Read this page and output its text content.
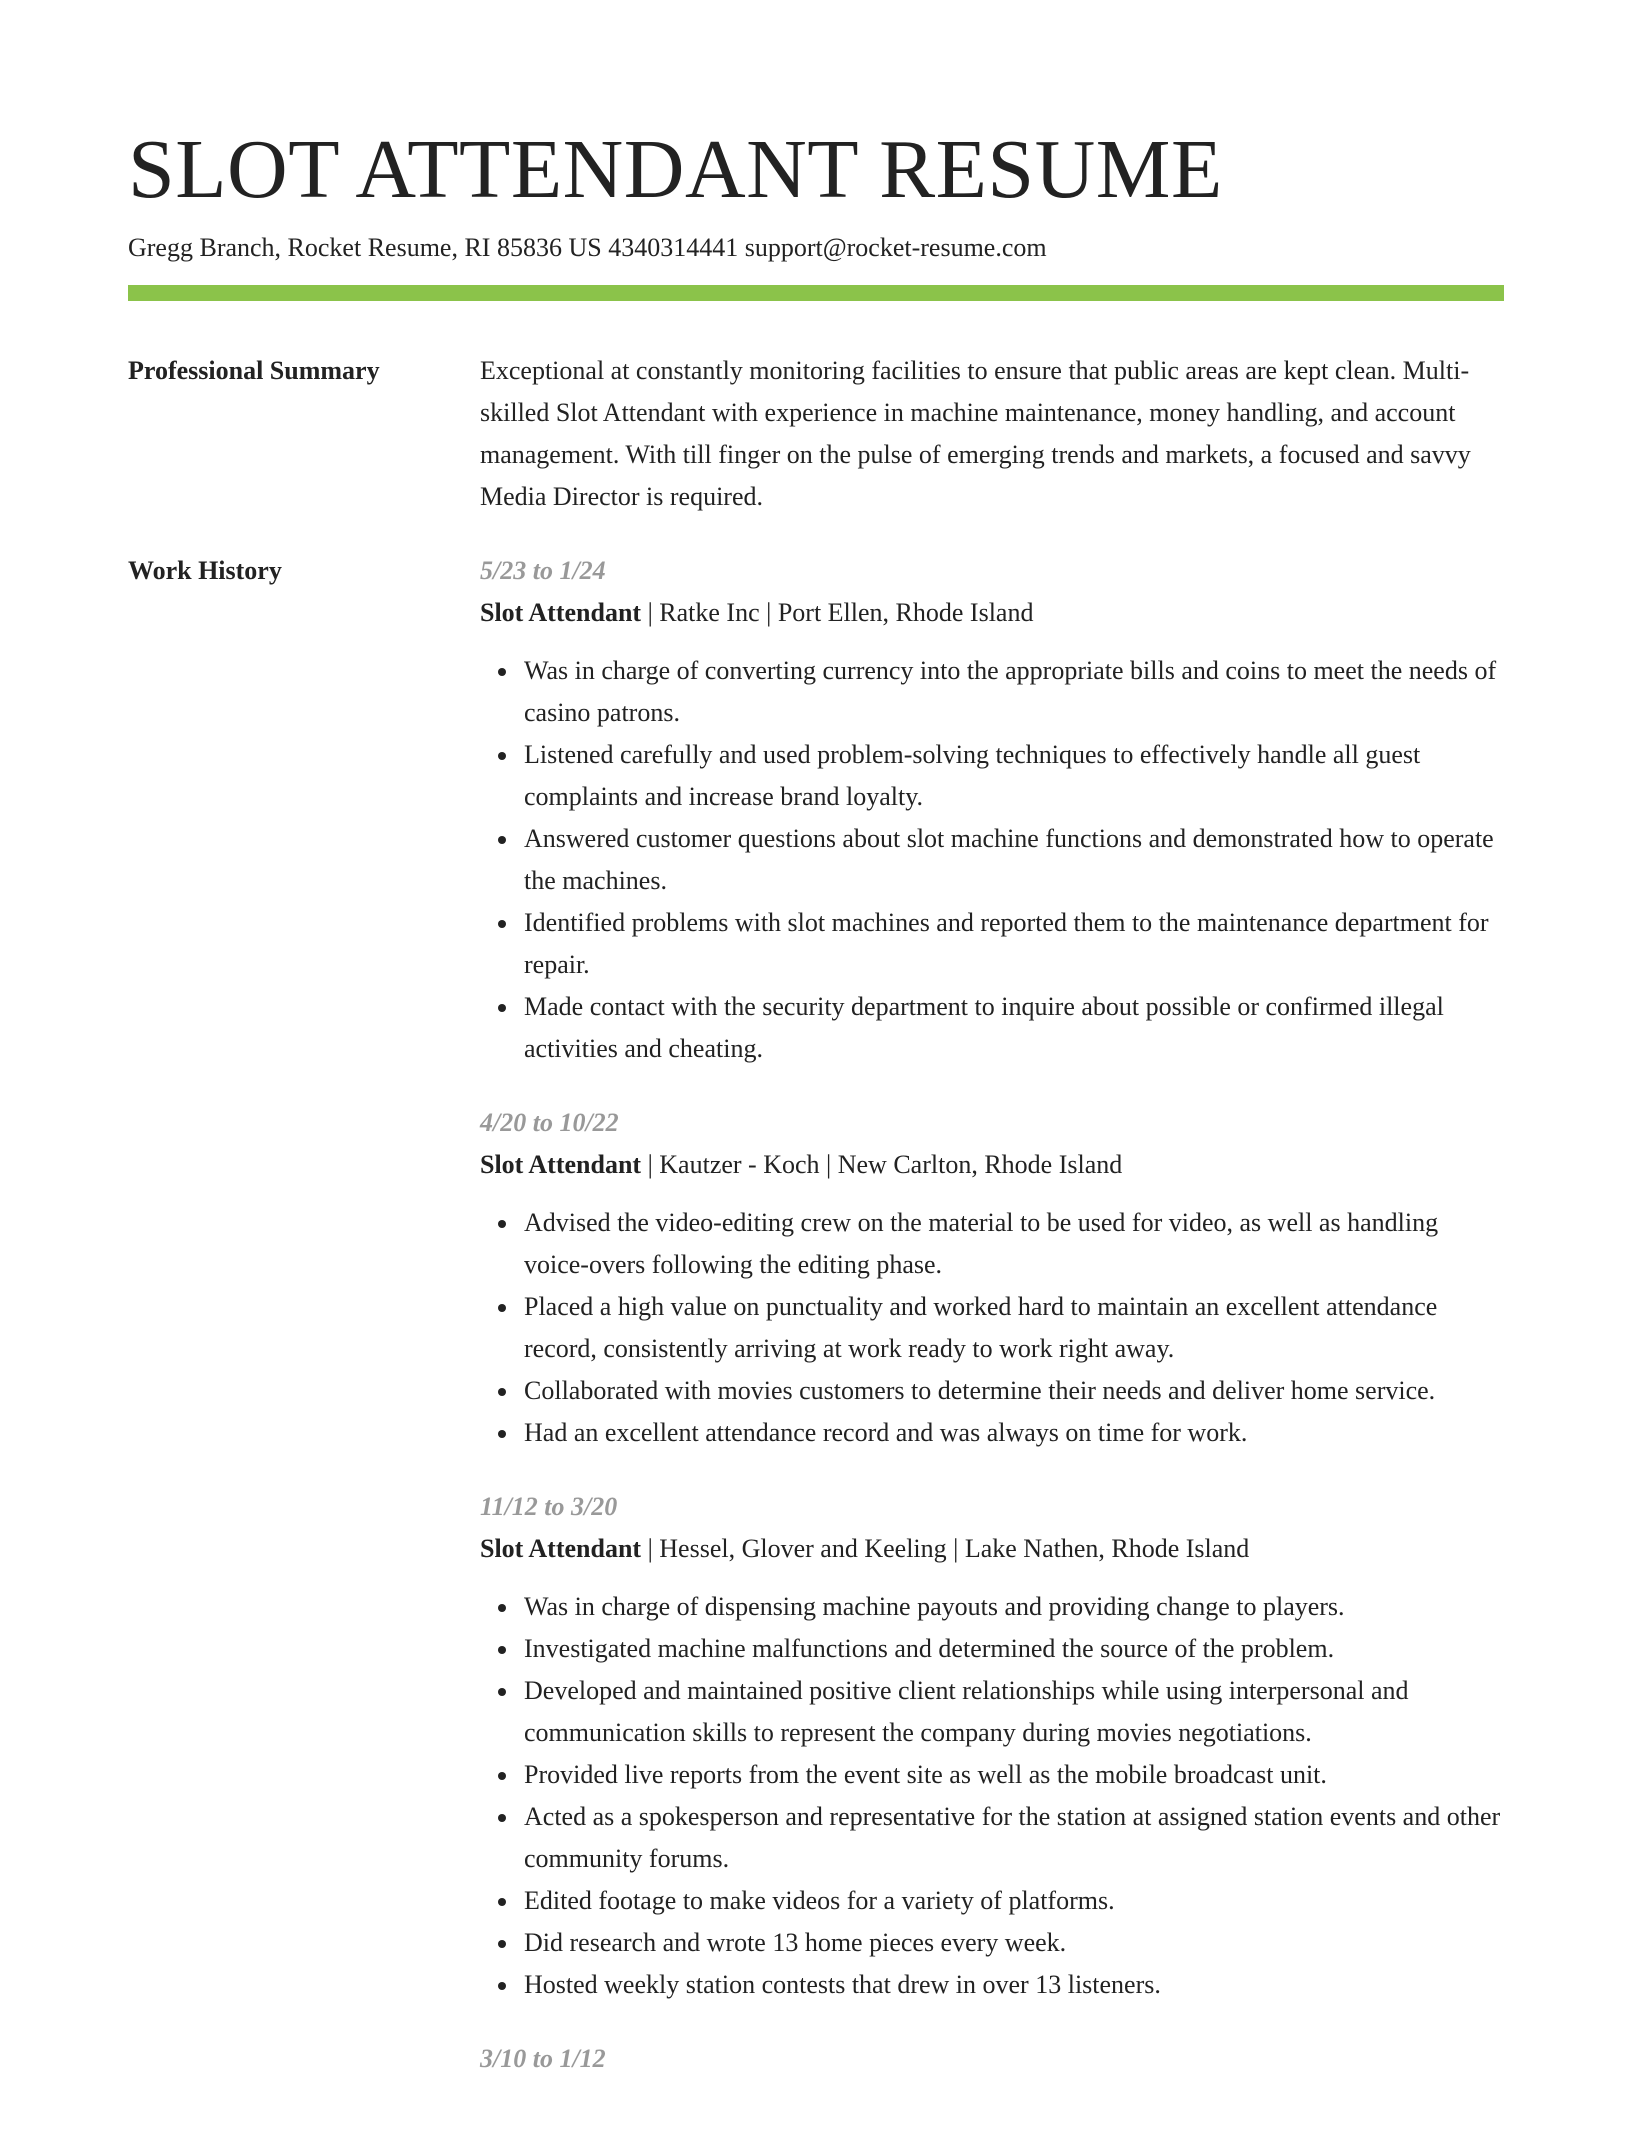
SLOT ATTENDANT RESUME
Gregg Branch, Rocket Resume, RI 85836 US 4340314441 support@rocket-resume.com
Professional Summary	Exceptional at constantly monitoring facilities to ensure that public areas are kept clean. Multi-skilled Slot Attendant with experience in machine maintenance, money handling, and account management. With till finger on the pulse of emerging trends and markets, a focused and savvy Media Director is required.

Work History	5/23 to 1/24
Slot Attendant | Ratke Inc | Port Ellen, Rhode Island
Was in charge of converting currency into the appropriate bills and coins to meet the needs of casino patrons.
Listened carefully and used problem-solving techniques to effectively handle all guest complaints and increase brand loyalty.
Answered customer questions about slot machine functions and demonstrated how to operate the machines.
Identified problems with slot machines and reported them to the maintenance department for repair.
Made contact with the security department to inquire about possible or confirmed illegal activities and cheating.
4/20 to 10/22
Slot Attendant | Kautzer - Koch | New Carlton, Rhode Island
Advised the video-editing crew on the material to be used for video, as well as handling voice-overs following the editing phase.
Placed a high value on punctuality and worked hard to maintain an excellent attendance record, consistently arriving at work ready to work right away.
Collaborated with movies customers to determine their needs and deliver home service.
Had an excellent attendance record and was always on time for work.
11/12 to 3/20
Slot Attendant | Hessel, Glover and Keeling | Lake Nathen, Rhode Island
Was in charge of dispensing machine payouts and providing change to players.
Investigated machine malfunctions and determined the source of the problem.
Developed and maintained positive client relationships while using interpersonal and communication skills to represent the company during movies negotiations.
Provided live reports from the event site as well as the mobile broadcast unit.
Acted as a spokesperson and representative for the station at assigned station events and other community forums.
Edited footage to make videos for a variety of platforms.
Did research and wrote 13 home pieces every week.
Hosted weekly station contests that drew in over 13 listeners.
3/10 to 1/12
